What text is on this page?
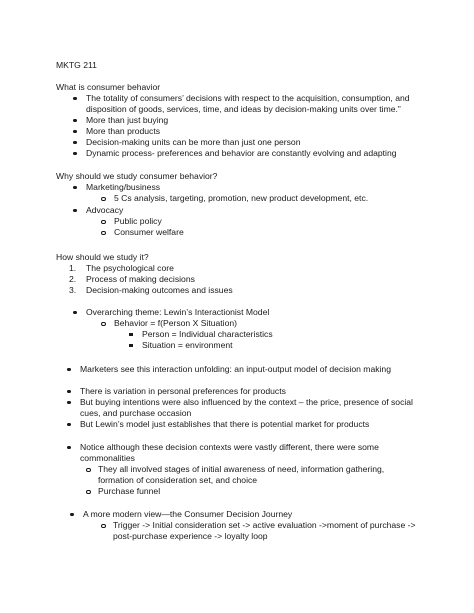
MKTG 211
What is consumer behavior
The totality of consumers’ decisions with respect to the acquisition, consumption, and
disposition of goods, services, time, and ideas by decision-making units over time.”
More than just buying
More than products
Decision-making units can be more than just one person
Dynamic process- preferences and behavior are constantly evolving and adapting
Why should we study consumer behavior?
Marketing/business
5 Cs analysis, targeting, promotion, new product development, etc.
Advocacy
Public policy
Consumer welfare
How should we study it?
1. The psychological core
2. Process of making decisions
3. Decision-making outcomes and issues
Overarching theme: Lewin’s Interactionist Model
Behavior = f(Person X Situation)
Person = Individual characteristics
Situation = environment
Marketers see this interaction unfolding: an input-output model of decision making
There is variation in personal preferences for products
But buying intentions were also influenced by the context – the price, presence of social
cues, and purchase occasion
But Lewin’s model just establishes that there is potential market for products
Notice although these decision contexts were vastly different, there were some
commonalities
They all involved stages of initial awareness of need, information gathering,
formation of consideration set, and choice
Purchase funnel
A more modern view—the Consumer Decision Journey
Trigger -> Initial consideration set -> active evaluation ->moment of purchase ->
post-purchase experience -> loyalty loop
